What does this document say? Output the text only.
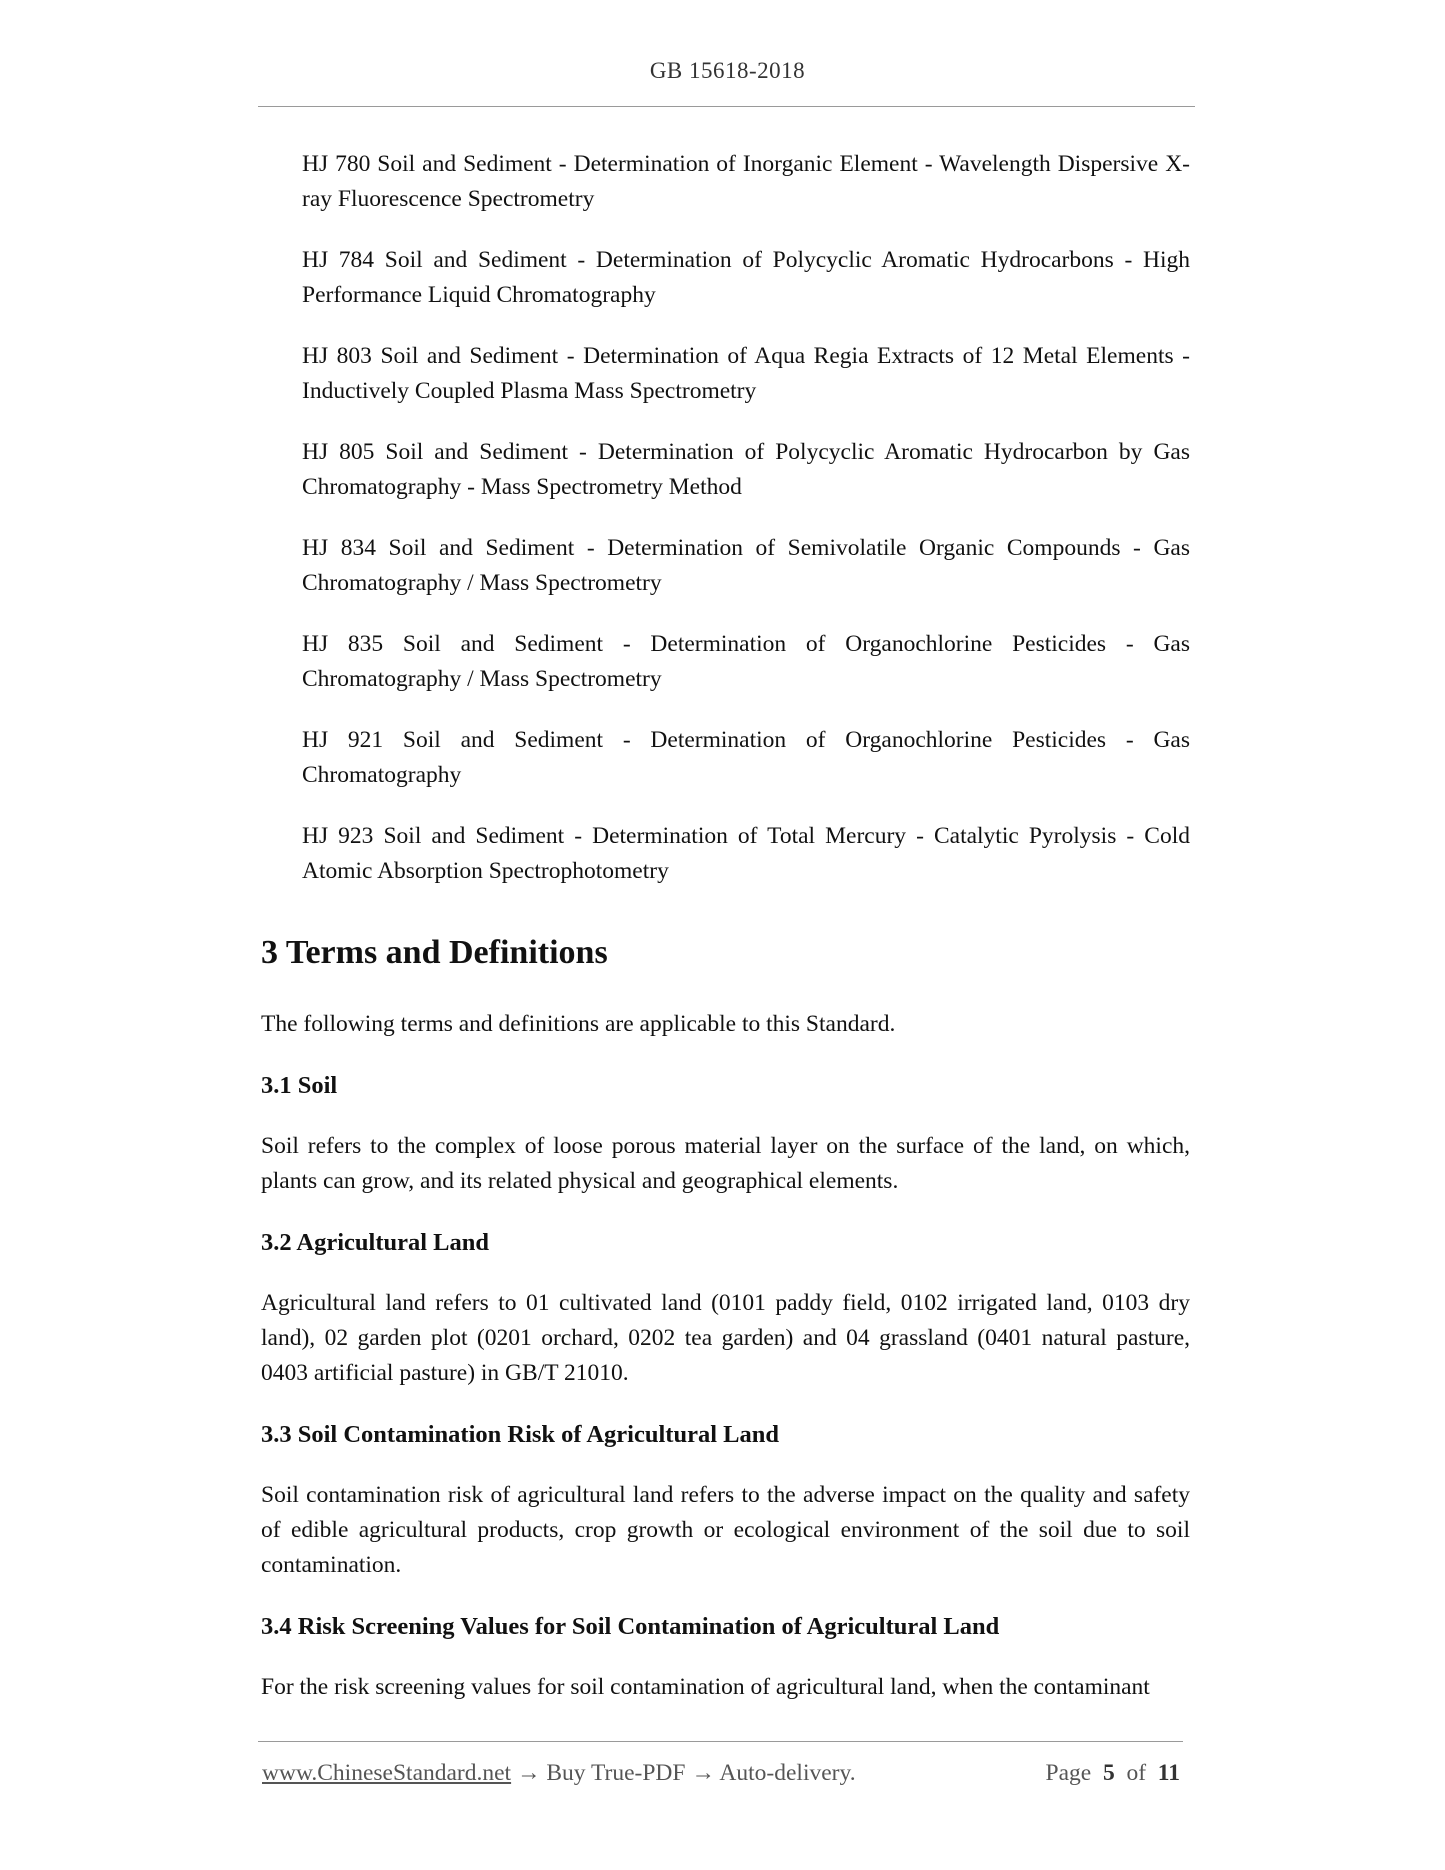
GB 15618-2018

HJ 780 Soil and Sediment - Determination of Inorganic Element - Wavelength Dispersive X-ray Fluorescence Spectrometry

HJ 784 Soil and Sediment - Determination of Polycyclic Aromatic Hydrocarbons - High Performance Liquid Chromatography

HJ 803 Soil and Sediment - Determination of Aqua Regia Extracts of 12 Metal Elements - Inductively Coupled Plasma Mass Spectrometry

HJ 805 Soil and Sediment - Determination of Polycyclic Aromatic Hydrocarbon by Gas Chromatography - Mass Spectrometry Method

HJ 834 Soil and Sediment - Determination of Semivolatile Organic Compounds - Gas Chromatography / Mass Spectrometry

HJ 835 Soil and Sediment - Determination of Organochlorine Pesticides - Gas Chromatography / Mass Spectrometry

HJ 921 Soil and Sediment - Determination of Organochlorine Pesticides - Gas Chromatography

HJ 923 Soil and Sediment - Determination of Total Mercury - Catalytic Pyrolysis - Cold Atomic Absorption Spectrophotometry

3 Terms and Definitions

The following terms and definitions are applicable to this Standard.

3.1 Soil

Soil refers to the complex of loose porous material layer on the surface of the land, on which, plants can grow, and its related physical and geographical elements.

3.2 Agricultural Land

Agricultural land refers to 01 cultivated land (0101 paddy field, 0102 irrigated land, 0103 dry land), 02 garden plot (0201 orchard, 0202 tea garden) and 04 grassland (0401 natural pasture, 0403 artificial pasture) in GB/T 21010.

3.3 Soil Contamination Risk of Agricultural Land

Soil contamination risk of agricultural land refers to the adverse impact on the quality and safety of edible agricultural products, crop growth or ecological environment of the soil due to soil contamination.

3.4 Risk Screening Values for Soil Contamination of Agricultural Land

For the risk screening values for soil contamination of agricultural land, when the contaminant

www.ChineseStandard.net → Buy True-PDF → Auto-delivery.	Page 5 of 11
